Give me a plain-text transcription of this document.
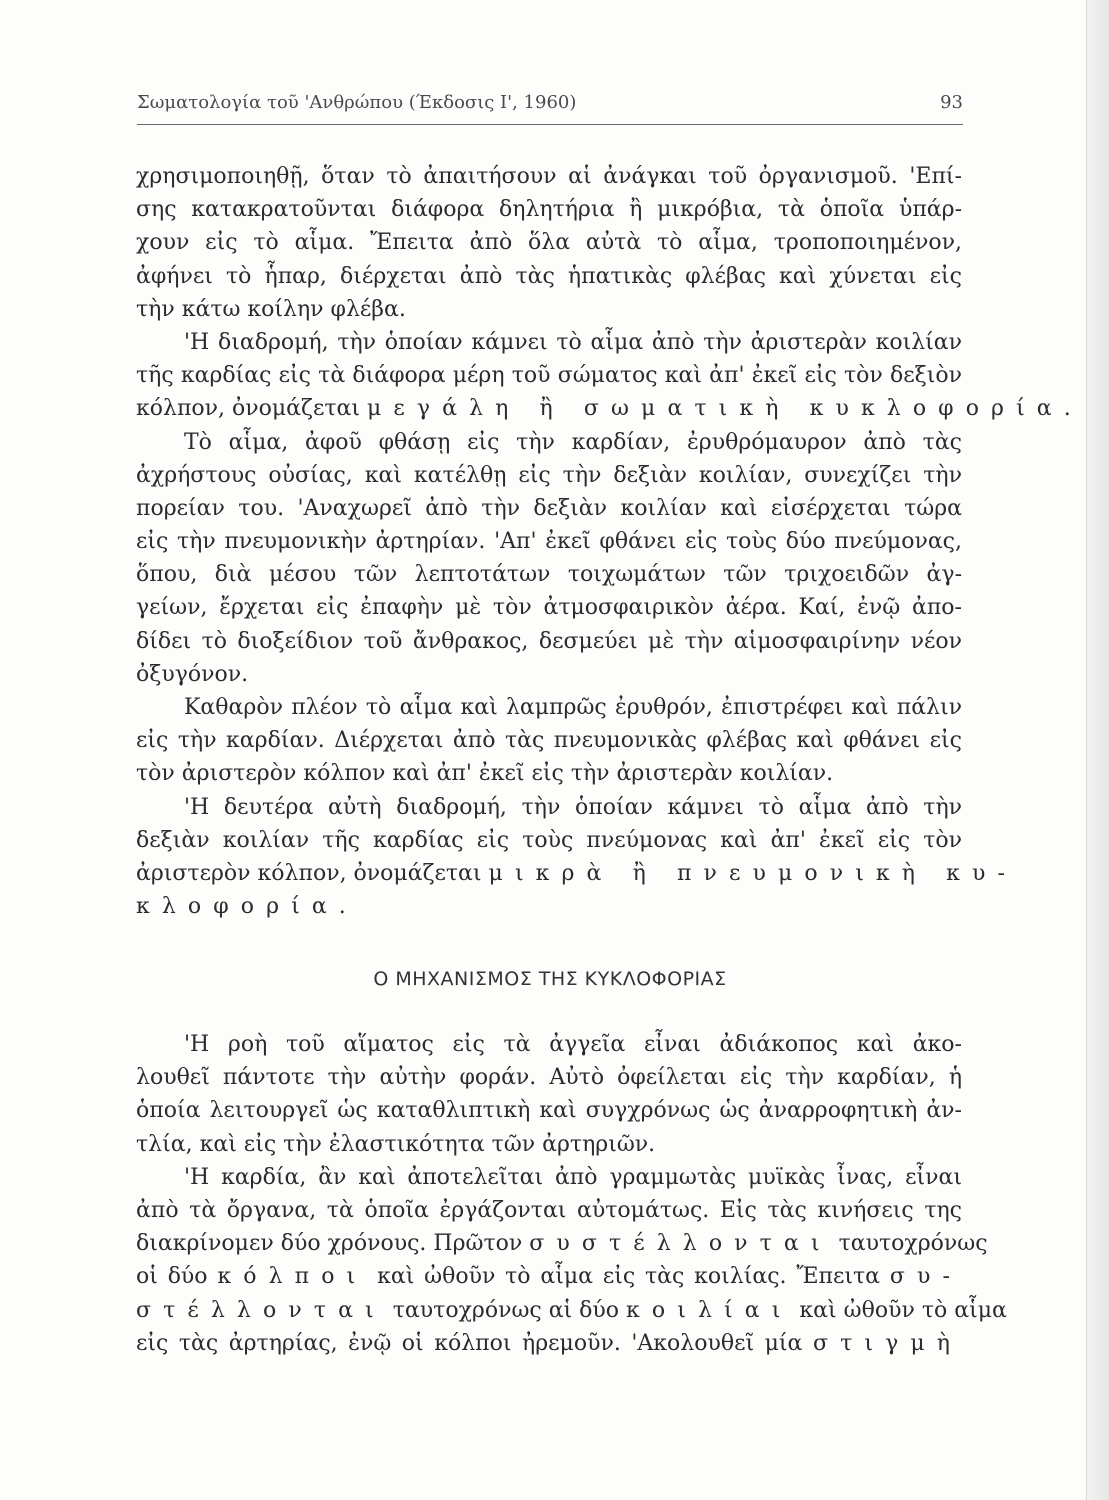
Σωματολογία τοῦ 'Ανθρώπου (Έκδοσις Ι', 1960)	93
χρησιμοποιηθῇ, ὅταν τὸ ἀπαιτήσουν αἱ ἀνάγκαι τοῦ ὀργανισμοῦ. 'Επί-
σης κατακρατοῦνται διάφορα δηλητήρια ἢ μικρόβια, τὰ ὁποῖα ὑπάρ-
χουν εἰς τὸ αἷμα. Ἔπειτα ἀπὸ ὅλα αὐτὰ τὸ αἷμα, τροποποιημένον,
ἀφήνει τὸ ἧπαρ, διέρχεται ἀπὸ τὰς ἡπατικὰς φλέβας καὶ χύνεται εἰς
τὴν κάτω κοίλην φλέβα.
'Η διαδρομή, τὴν ὁποίαν κάμνει τὸ αἷμα ἀπὸ τὴν ἀριστερὰν κοιλίαν
τῆς καρδίας εἰς τὰ διάφορα μέρη τοῦ σώματος καὶ ἀπ' ἐκεῖ εἰς τὸν δεξιὸν
κόλπον, ὀνομάζεται μεγάλη ἢ σωματικὴ κυκλοφορία.
Τὸ αἷμα, ἀφοῦ φθάσῃ εἰς τὴν καρδίαν, ἐρυθρόμαυρον ἀπὸ τὰς
ἀχρήστους οὐσίας, καὶ κατέλθῃ εἰς τὴν δεξιὰν κοιλίαν, συνεχίζει τὴν
πορείαν του. 'Αναχωρεῖ ἀπὸ τὴν δεξιὰν κοιλίαν καὶ εἰσέρχεται τώρα
εἰς τὴν πνευμονικὴν ἀρτηρίαν. 'Απ' ἐκεῖ φθάνει εἰς τοὺς δύο πνεύμονας,
ὅπου, διὰ μέσου τῶν λεπτοτάτων τοιχωμάτων τῶν τριχοειδῶν ἀγ-
γείων, ἔρχεται εἰς ἐπαφὴν μὲ τὸν ἀτμοσφαιρικὸν ἀέρα. Καί, ἐνῷ ἀπο-
δίδει τὸ διοξείδιον τοῦ ἄνθρακος, δεσμεύει μὲ τὴν αἱμοσφαιρίνην νέον
ὀξυγόνον.
Καθαρὸν πλέον τὸ αἷμα καὶ λαμπρῶς ἐρυθρόν, ἐπιστρέφει καὶ πάλιν
εἰς τὴν καρδίαν. Διέρχεται ἀπὸ τὰς πνευμονικὰς φλέβας καὶ φθάνει εἰς
τὸν ἀριστερὸν κόλπον καὶ ἀπ' ἐκεῖ εἰς τὴν ἀριστερὰν κοιλίαν.
'Η δευτέρα αὐτὴ διαδρομή, τὴν ὁποίαν κάμνει τὸ αἷμα ἀπὸ τὴν
δεξιὰν κοιλίαν τῆς καρδίας εἰς τοὺς πνεύμονας καὶ ἀπ' ἐκεῖ εἰς τὸν
ἀριστερὸν κόλπον, ὀνομάζεται μικρὰ ἢ πνευμονικὴ κυ-
κλοφορία.
Ο ΜΗΧΑΝΙΣΜΟΣ ΤΗΣ ΚΥΚΛΟΦΟΡΙΑΣ
'Η ροὴ τοῦ αἵματος εἰς τὰ ἀγγεῖα εἶναι ἀδιάκοπος καὶ ἀκο-
λουθεῖ πάντοτε τὴν αὐτὴν φοράν. Αὐτὸ ὀφείλεται εἰς τὴν καρδίαν, ἡ
ὁποία λειτουργεῖ ὡς καταθλιπτικὴ καὶ συγχρόνως ὡς ἀναρροφητικὴ ἀν-
τλία, καὶ εἰς τὴν ἐλαστικότητα τῶν ἀρτηριῶν.
'Η καρδία, ἂν καὶ ἀποτελεῖται ἀπὸ γραμμωτὰς μυϊκὰς ἶνας, εἶναι
ἀπὸ τὰ ὄργανα, τὰ ὁποῖα ἐργάζονται αὐτομάτως. Εἰς τὰς κινήσεις της
διακρίνομεν δύο χρόνους. Πρῶτον συστέλλονται ταυτοχρόνως
οἱ δύο κόλποι καὶ ὠθοῦν τὸ αἷμα εἰς τὰς κοιλίας. Ἔπειτα συ-
στέλλονται ταυτοχρόνως αἱ δύο κοιλίαι καὶ ὠθοῦν τὸ αἷμα
εἰς τὰς ἀρτηρίας, ἐνῷ οἱ κόλποι ἠρεμοῦν. 'Ακολουθεῖ μία στιγμὴ
